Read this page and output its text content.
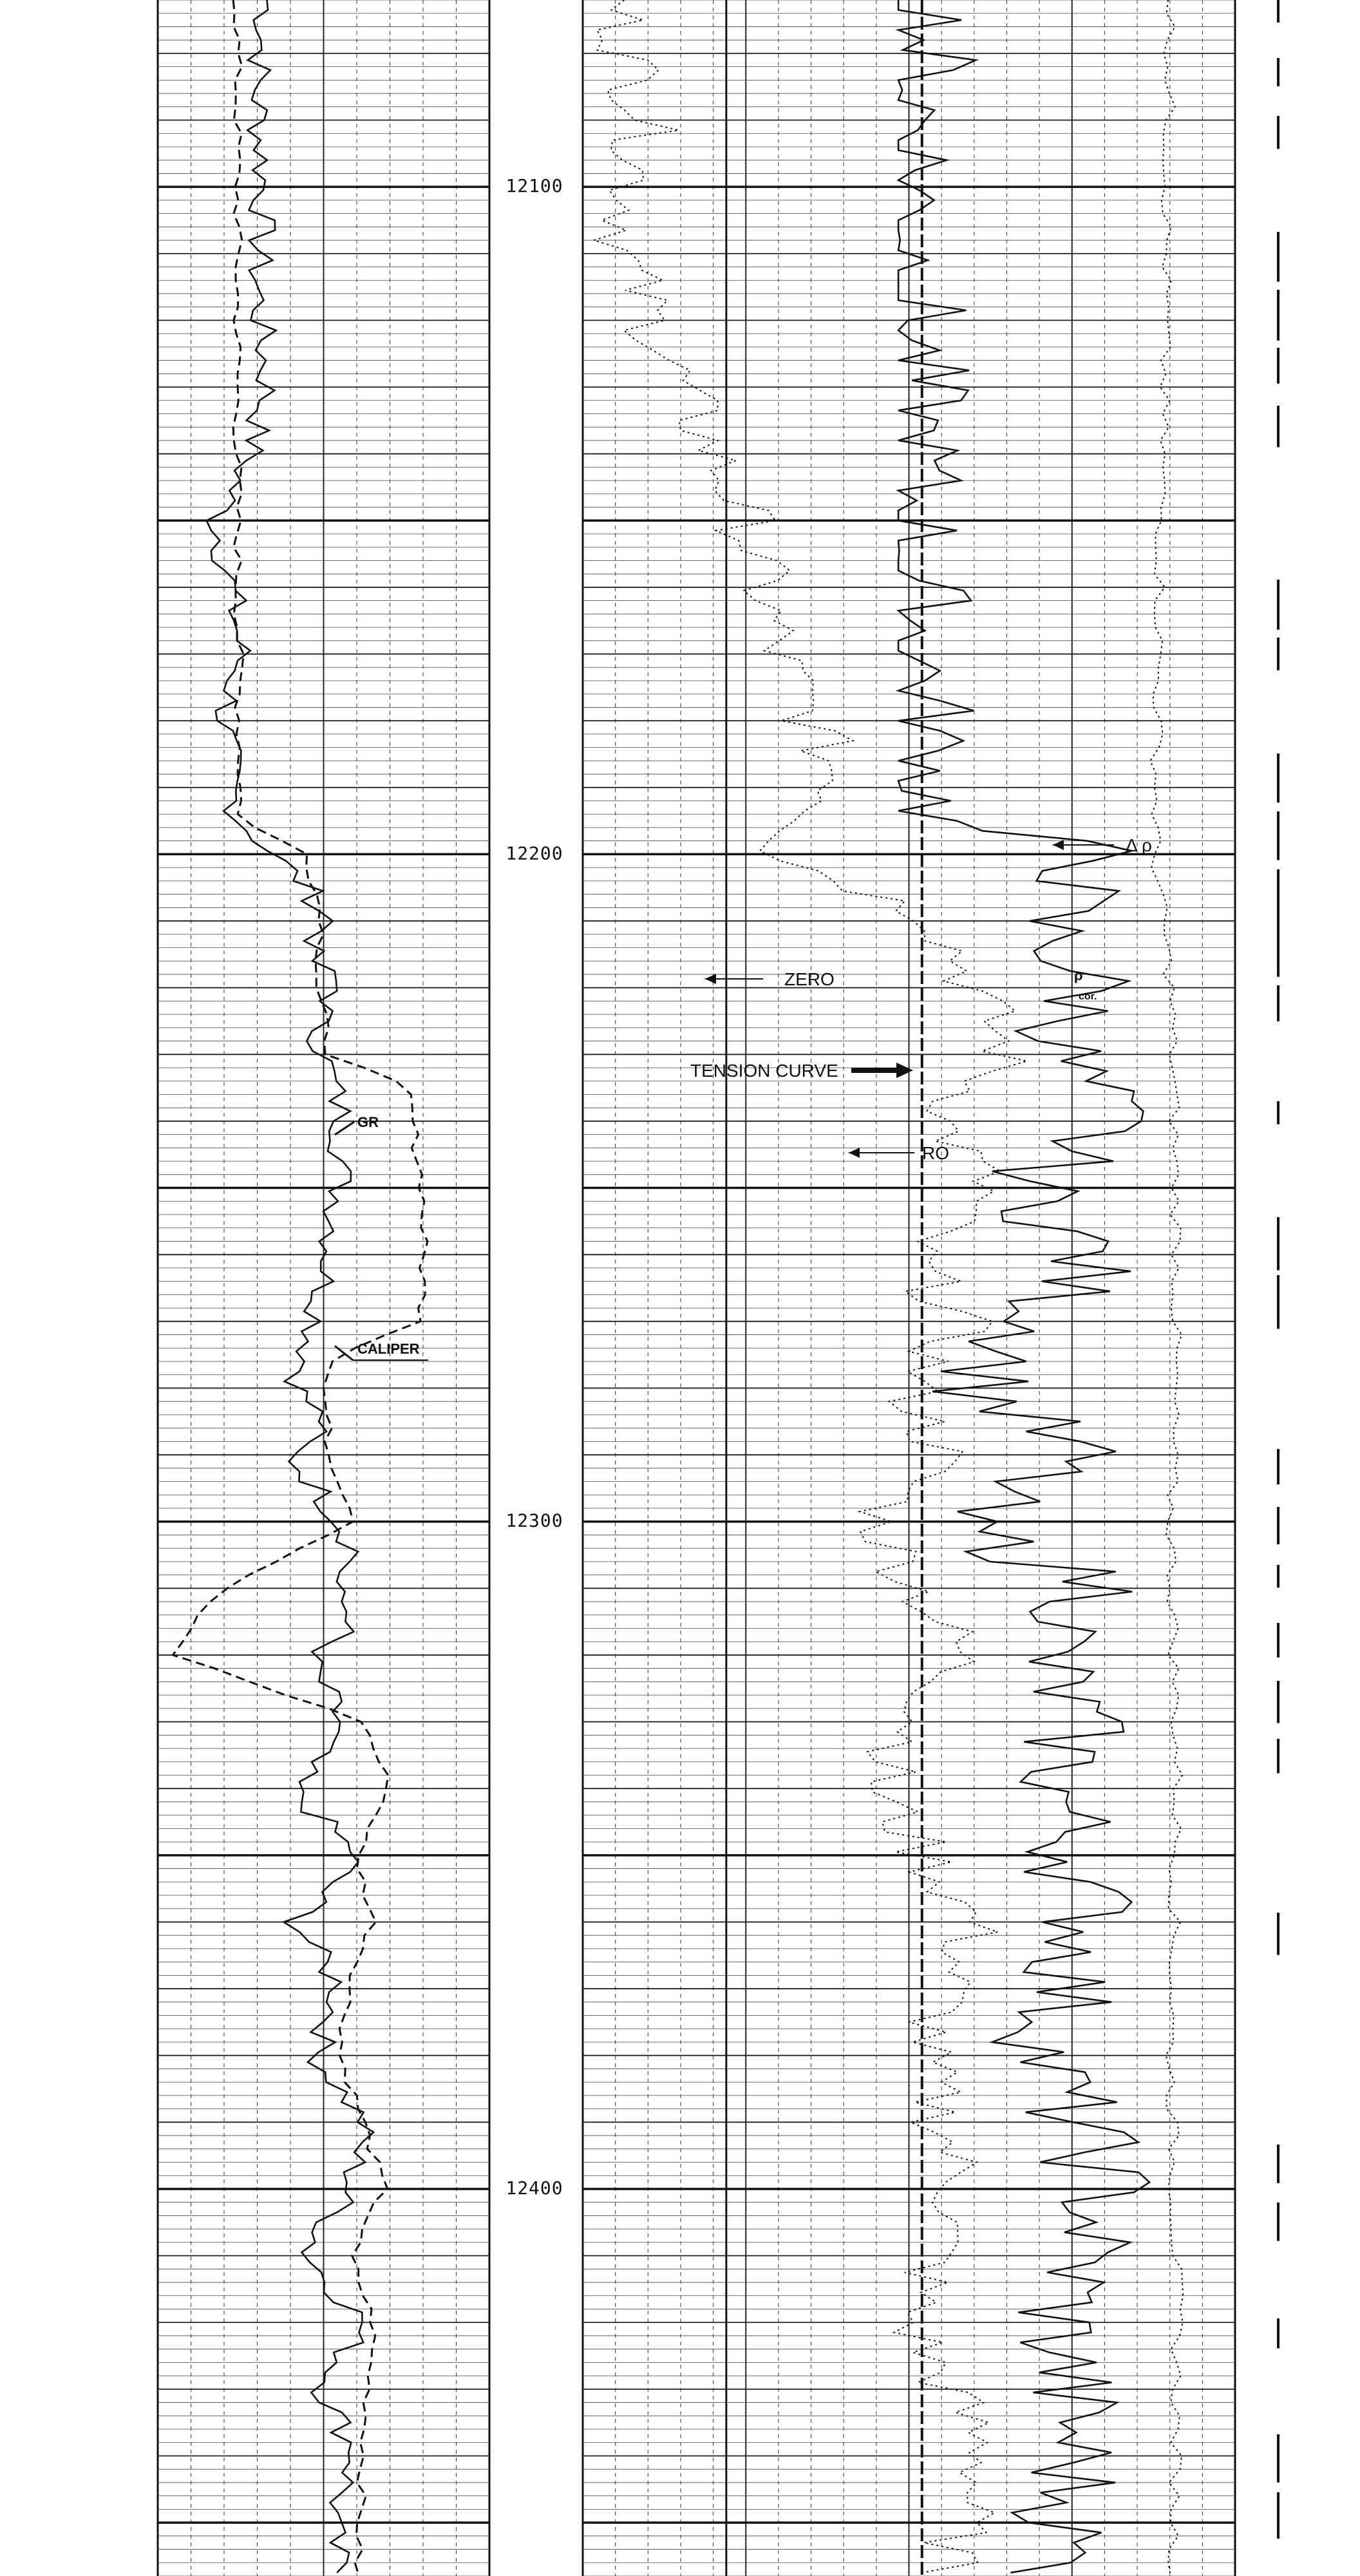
12100
12200
12300
12400
GR
CALIPER
ZERO
TENSION CURVE
RO
Δ ρ
ρ
cor.
